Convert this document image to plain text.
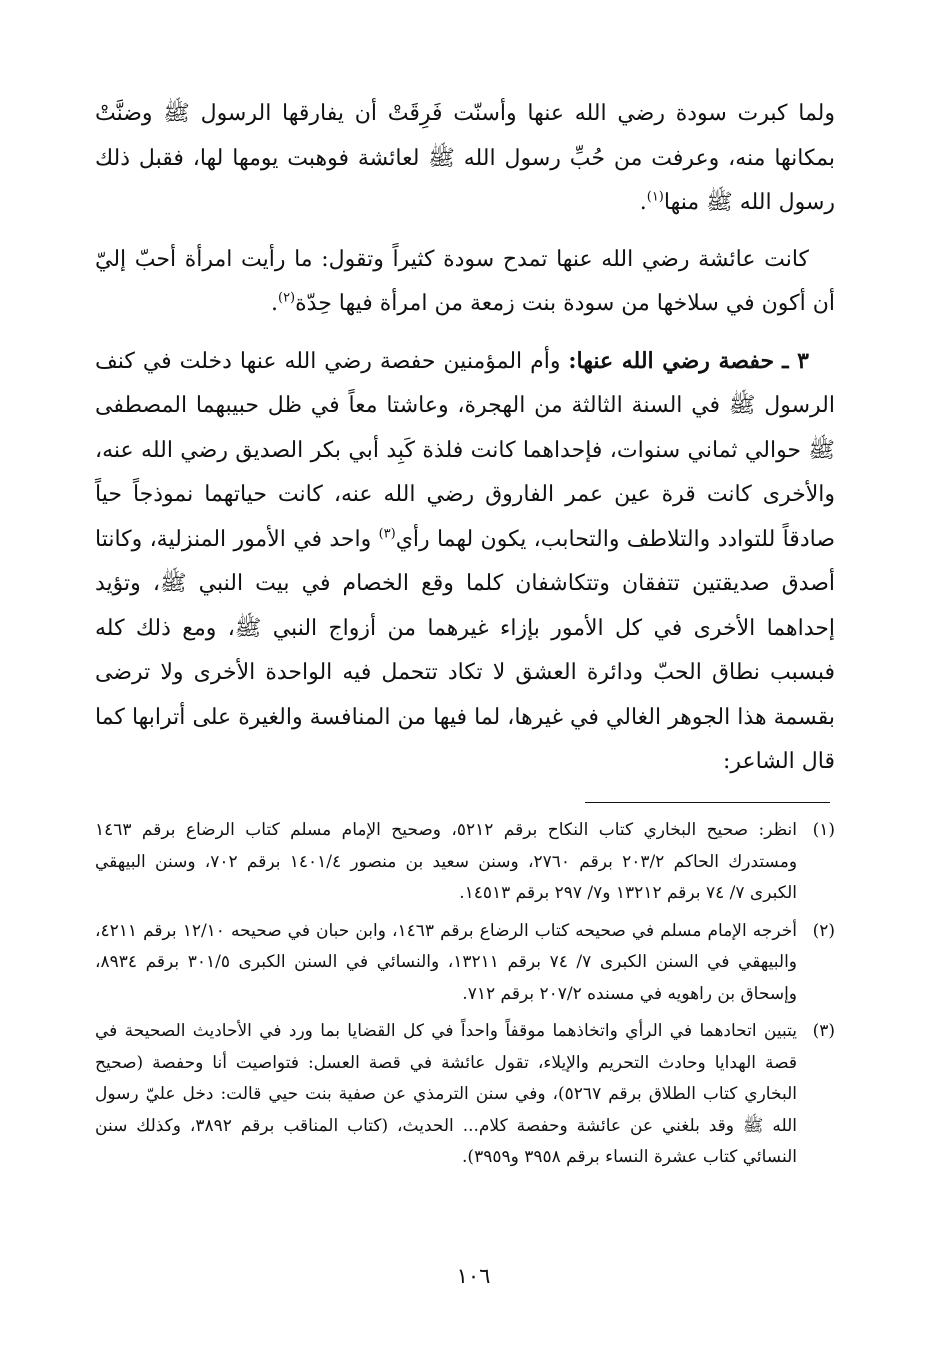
ولما كبرت سودة رضي الله عنها وأسنّت فَرِقَتْ أن يفارقها الرسول ﷺ وضنَّتْ بمكانها منه، وعرفت من حُبِّ رسول الله ﷺ لعائشة فوهبت يومها لها، فقبل ذلك رسول الله ﷺ منها$^{(١)}$.

كانت عائشة رضي الله عنها تمدح سودة كثيراً وتقول: ما رأيت امرأة أحبّ إليّ أن أكون في سلاخها من سودة بنت زمعة من امرأة فيها حِدّة$^{(٢)}$.

٣ ـ حفصة رضي الله عنها: وأم المؤمنين حفصة رضي الله عنها دخلت في كنف الرسول ﷺ في السنة الثالثة من الهجرة، وعاشتا معاً في ظل حبيبهما المصطفى ﷺ حوالي ثماني سنوات، فإحداهما كانت فلذة كَبِد أبي بكر الصديق رضي الله عنه، والأخرى كانت قرة عين عمر الفاروق رضي الله عنه، كانت حياتهما نموذجاً حياً صادقاً للتوادد والتلاطف والتحابب، يكون لهما رأي$^{(٣)}$ واحد في الأمور المنزلية، وكانتا أصدق صديقتين تتفقان وتتكاشفان كلما وقع الخصام في بيت النبي ﷺ، وتؤيد إحداهما الأخرى في كل الأمور بإزاء غيرهما من أزواج النبي ﷺ، ومع ذلك كله فبسبب نطاق الحبّ ودائرة العشق لا تكاد تتحمل فيه الواحدة الأخرى ولا ترضى بقسمة هذا الجوهر الغالي في غيرها، لما فيها من المنافسة والغيرة على أترابها كما قال الشاعر:

(١)
انظر: صحيح البخاري كتاب النكاح برقم ٥٢١٢، وصحيح الإمام مسلم كتاب الرضاع برقم ١٤٦٣ ومستدرك الحاكم ٢٠٣/٢ برقم ٢٧٦٠، وسنن سعيد بن منصور ١٤٠١/٤ برقم ٧٠٢، وسنن البيهقي الكبرى ٧/ ٧٤ برقم ١٣٢١٢ و٧/ ٢٩٧ برقم ١٤٥١٣.
(٢)
أخرجه الإمام مسلم في صحيحه كتاب الرضاع برقم ١٤٦٣، وابن حبان في صحيحه ١٢/١٠ برقم ٤٢١١، والبيهقي في السنن الكبرى ٧/ ٧٤ برقم ١٣٢١١، والنسائي في السنن الكبرى ٣٠١/٥ برقم ٨٩٣٤، وإسحاق بن راهويه في مسنده ٢٠٧/٢ برقم ٧١٢.
(٣)
يتبين اتحادهما في الرأي واتخاذهما موقفاً واحداً في كل القضايا بما ورد في الأحاديث الصحيحة في قصة الهدايا وحادث التحريم والإيلاء، تقول عائشة في قصة العسل: فتواصيت أنا وحفصة (صحيح البخاري كتاب الطلاق برقم ٥٢٦٧)، وفي سنن الترمذي عن صفية بنت حيي قالت: دخل عليّ رسول الله ﷺ وقد بلغني عن عائشة وحفصة كلام... الحديث، (كتاب المناقب برقم ٣٨٩٢، وكذلك سنن النسائي كتاب عشرة النساء برقم ٣٩٥٨ و٣٩٥٩).
١٠٦
